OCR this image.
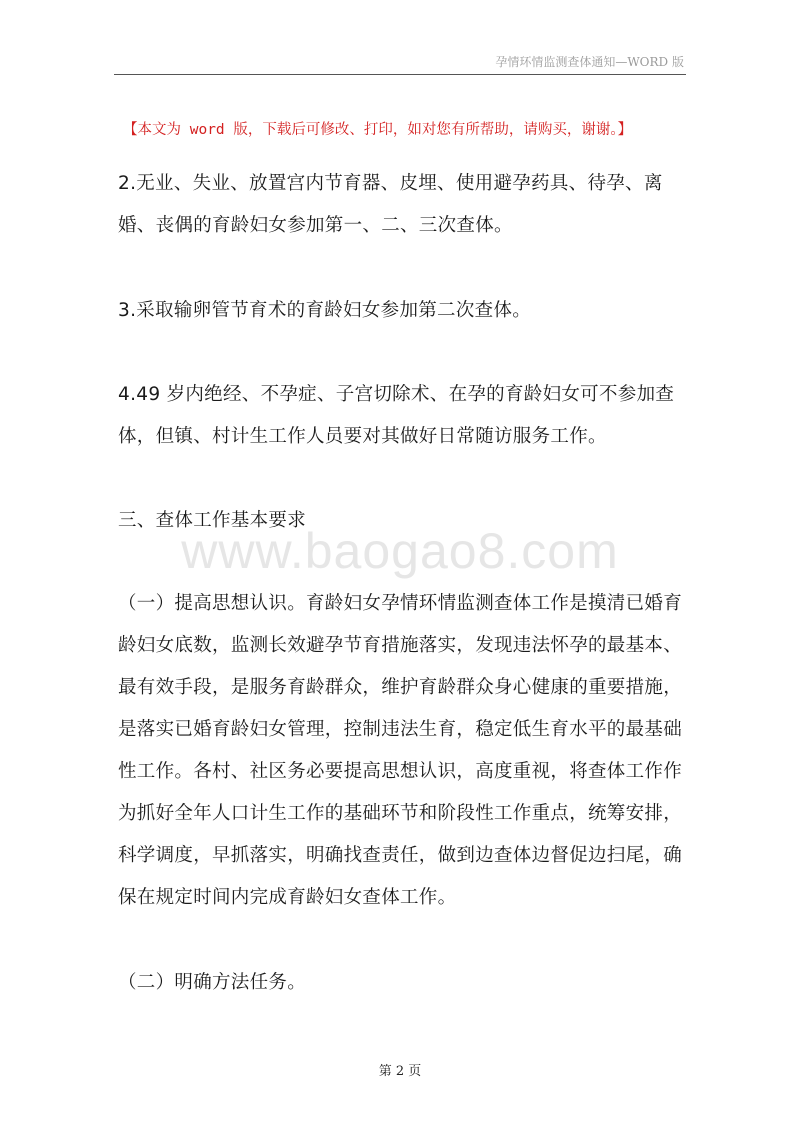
孕情环情监测查体通知—WORD 版
【本文为 word 版，下载后可修改、打印，如对您有所帮助，请购买，谢谢。】

2.无业、失业、放置宫内节育器、皮埋、使用避孕药具、待孕、离婚、丧偶的育龄妇女参加第一、二、三次查体。

3.采取输卵管节育术的育龄妇女参加第二次查体。

4.49 岁内绝经、不孕症、子宫切除术、在孕的育龄妇女可不参加查体，但镇、村计生工作人员要对其做好日常随访服务工作。

三、查体工作基本要求

www.baogao8.com

（一）提高思想认识。育龄妇女孕情环情监测查体工作是摸清已婚育龄妇女底数，监测长效避孕节育措施落实，发现违法怀孕的最基本、最有效手段，是服务育龄群众，维护育龄群众身心健康的重要措施，是落实已婚育龄妇女管理，控制违法生育，稳定低生育水平的最基础性工作。各村、社区务必要提高思想认识，高度重视，将查体工作作为抓好全年人口计生工作的基础环节和阶段性工作重点，统筹安排，科学调度，早抓落实，明确找查责任，做到边查体边督促边扫尾，确保在规定时间内完成育龄妇女查体工作。

（二）明确方法任务。

第 2 页
